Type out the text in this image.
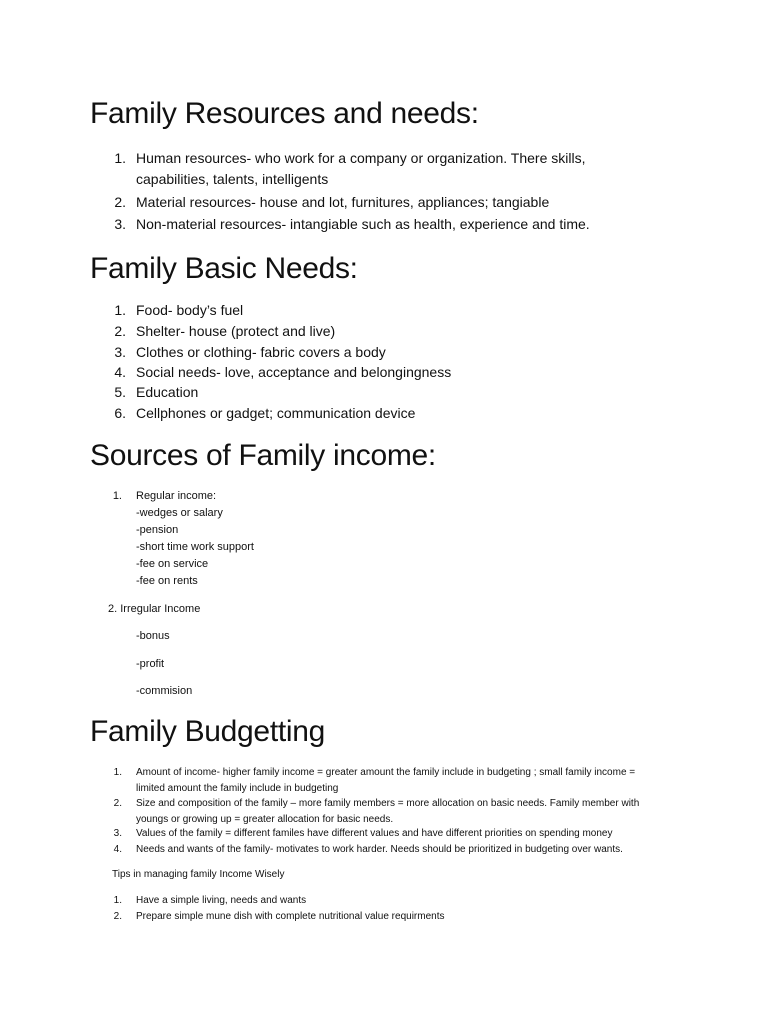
Family Resources and needs:
1. Human resources- who work for a company or organization. There skills,
capabilities, talents, intelligents
2. Material resources- house and lot, furnitures, appliances; tangiable
3. Non-material resources- intangiable such as health, experience and time.
Family Basic Needs:
1. Food- body’s fuel
2. Shelter- house (protect and live)
3. Clothes or clothing- fabric covers a body
4. Social needs- love, acceptance and belongingness
5. Education
6. Cellphones or gadget; communication device
Sources of Family income:
1. Regular income:
-wedges or salary
-pension
-short time work support
-fee on service
-fee on rents
2. Irregular Income
-bonus
-profit
-commision
Family Budgetting
1. Amount of income- higher family income = greater amount the family include in budgeting ; small family income =
limited amount the family include in budgeting
2. Size and composition of the family – more family members = more allocation on basic needs. Family member with
youngs or growing up = greater allocation for basic needs.
3. Values of the family = different familes have different values and have different priorities on spending money
4. Needs and wants of the family- motivates to work harder. Needs should be prioritized in budgeting over wants.
Tips in managing family Income Wisely
1. Have a simple living, needs and wants
2. Prepare simple mune dish with complete nutritional value requirments
